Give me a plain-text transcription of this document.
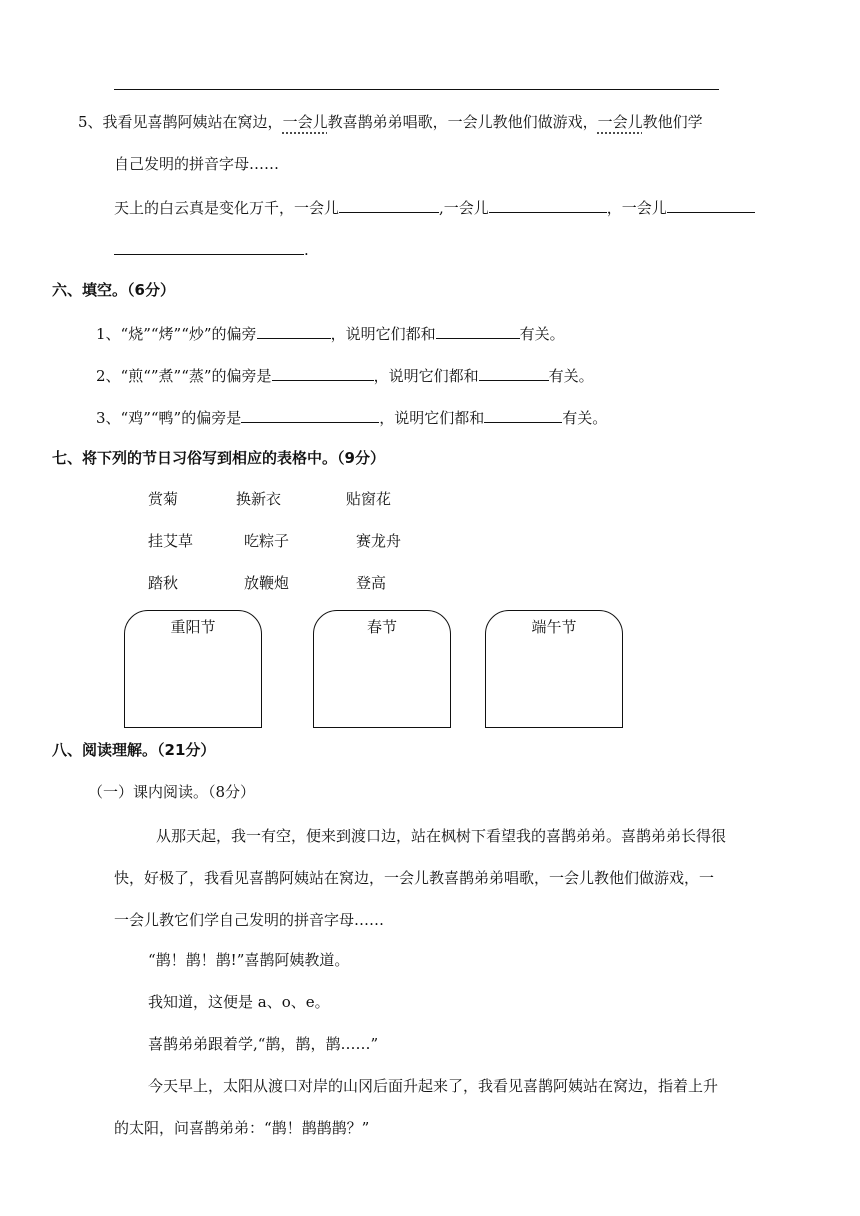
5、我看见喜鹊阿姨站在窝边，一会儿教喜鹊弟弟唱歌，一会儿教他们做游戏，一会儿教他们学
自己发明的拼音字母……
天上的白云真是变化万千，一会儿	,一会儿	，一会儿
.
六、填空。（6分）
1、“烧”“烤”“炒”的偏旁	，说明它们都和	有关。
2、“煎“”煮”“蒸”的偏旁是	，说明它们都和	有关。
3、“鸡”“鸭”的偏旁是	，说明它们都和	有关。
七、将下列的节日习俗写到相应的表格中。（9分）
赏菊	换新衣	贴窗花
挂艾草	吃粽子	赛龙舟
踏秋	放鞭炮	登高
重阳节	春节	端午节
八、阅读理解。（21分）
（一）课内阅读。（8分）
从那天起，我一有空，便来到渡口边，站在枫树下看望我的喜鹊弟弟。喜鹊弟弟长得很
快，好极了，我看见喜鹊阿姨站在窝边，一会儿教喜鹊弟弟唱歌，一会儿教他们做游戏，一
一会儿教它们学自己发明的拼音字母……
“鹊！鹊！鹊!”喜鹊阿姨教道。
我知道，这便是 a、o、e。
喜鹊弟弟跟着学,“鹊，鹊，鹊……”
今天早上，太阳从渡口对岸的山冈后面升起来了，我看见喜鹊阿姨站在窝边，指着上升
的太阳，问喜鹊弟弟：“鹊！鹊鹊鹊？”
